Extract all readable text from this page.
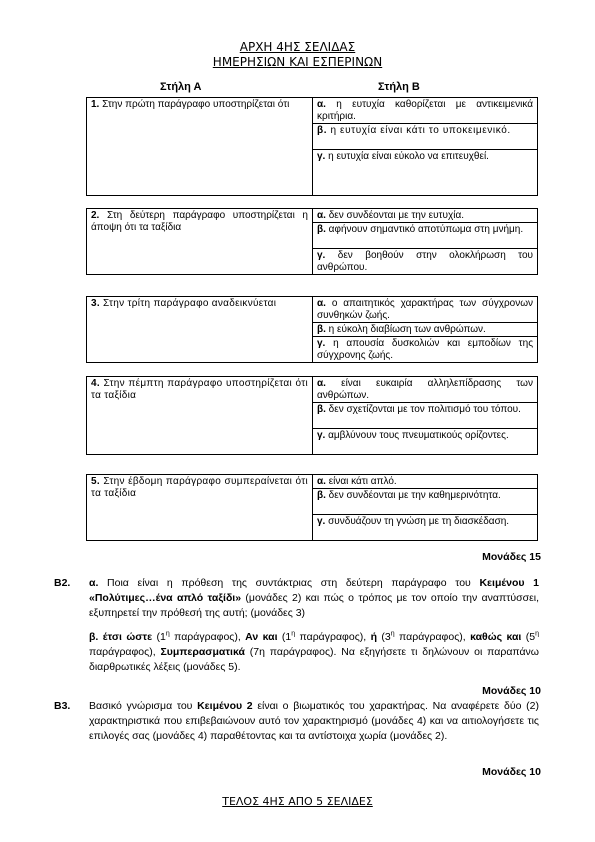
ΑΡΧΗ 4ΗΣ ΣΕΛΙΔΑΣ
ΗΜΕΡΗΣΙΩΝ ΚΑΙ ΕΣΠΕΡΙΝΩΝ
Στήλη Α	Στήλη Β
1. Στην πρώτη παράγραφο υποστηρίζεται ότι	α. η ευτυχία καθορίζεται με αντικειμενικά κριτήρια.
β. η ευτυχία είναι κάτι το υποκειμενικό.
γ. η ευτυχία είναι εύκολο να επιτευχθεί.
2. Στη δεύτερη παράγραφο υποστηρίζεται η άποψη ότι τα ταξίδια	α. δεν συνδέονται με την ευτυχία.
β. αφήνουν σημαντικό αποτύπωμα στη μνήμη.
γ. δεν βοηθούν στην ολοκλήρωση του ανθρώπου.
3. Στην τρίτη παράγραφο αναδεικνύεται	α. ο απαιτητικός χαρακτήρας των σύγχρονων συνθηκών ζωής.
β. η εύκολη διαβίωση των ανθρώπων.
γ. η απουσία δυσκολιών και εμποδίων της σύγχρονης ζωής.
4. Στην πέμπτη παράγραφο υποστηρίζεται ότι τα ταξίδια	α. είναι ευκαιρία αλληλεπίδρασης των ανθρώπων.
β. δεν σχετίζονται με τον πολιτισμό του τόπου.
γ. αμβλύνουν τους πνευματικούς ορίζοντες.
5. Στην έβδομη παράγραφο συμπεραίνεται ότι τα ταξίδια	α. είναι κάτι απλό.
β. δεν συνδέονται με την καθημερινότητα.
γ. συνδυάζουν τη γνώση με τη διασκέδαση.
Μονάδες 15
Β2. α. Ποια είναι η πρόθεση της συντάκτριας στη δεύτερη παράγραφο του Κειμένου 1 «Πολύτιμες…ένα απλό ταξίδι» (μονάδες 2) και πώς ο τρόπος με τον οποίο την αναπτύσσει, εξυπηρετεί την πρόθεσή της αυτή; (μονάδες 3)

β. έτσι ώστε ($1^\eta$ παράγραφος), Αν και ($1^\eta$ παράγραφος), ή ($3^\eta$ παράγραφος), καθώς και ($5^\eta$ παράγραφος), Συμπερασματικά (7η παράγραφος). Να εξηγήσετε τι δηλώνουν οι παραπάνω διαρθρωτικές λέξεις (μονάδες 5).

Μονάδες 10
Β3. Βασικό γνώρισμα του Κειμένου 2 είναι ο βιωματικός του χαρακτήρας. Να αναφέρετε δύο (2) χαρακτηριστικά που επιβεβαιώνουν αυτό τον χαρακτηρισμό (μονάδες 4) και να αιτιολογήσετε τις επιλογές σας (μονάδες 4) παραθέτοντας και τα αντίστοιχα χωρία (μονάδες 2).

Μονάδες 10
ΤΕΛΟΣ 4ΗΣ ΑΠΟ 5 ΣΕΛΙΔΕΣ
